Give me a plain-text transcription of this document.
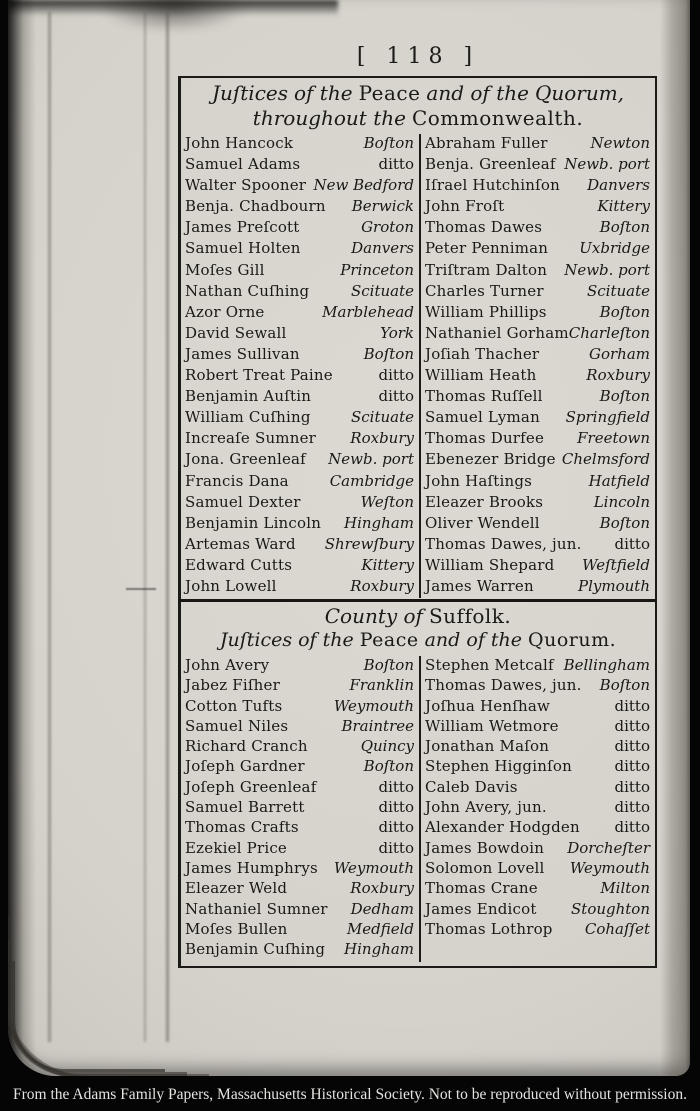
[ 118 ]
Juſtices of the Peace and of the Quorum,
throughout the Commonwealth.
John Hancock	Boſton
Samuel Adams	ditto
Walter Spooner New Bedford
Benja. Chadbourn Berwick
James Preſcott	Groton
Samuel Holten	Danvers
Moſes Gill	Princeton
Nathan Cuſhing	Scituate
Azor Orne	Marblehead
David Sewall	York
James Sullivan	Boſton
Robert Treat Paine	ditto
Benjamin Auſtin	ditto
William Cuſhing	Scituate
Increaſe Sumner Roxbury
Jona. Greenleaf Newb. port
Francis Dana	Cambridge
Samuel Dexter	Weſton
Benjamin Lincoln Hingham
Artemas Ward Shrewſbury
Edward Cutts	Kittery
John Lowell	Roxbury
Abraham Fuller	Newton
Benja. Greenleaf Newb. port
Iſrael Hutchinſon Danvers
John Froſt	Kittery
Thomas Dawes	Boſton
Peter Penniman Uxbridge
Triſtram Dalton Newb. port
Charles Turner	Scituate
William Phillips	Boſton
Nathaniel Gorham Charleſton
Joſiah Thacher	Gorham
William Heath	Roxbury
Thomas Ruſſell	Boſton
Samuel Lyman Springfield
Thomas Durfee Freetown
Ebenezer Bridge Chelmsford
John Haſtings	Hatfield
Eleazer Brooks	Lincoln
Oliver Wendell	Boſton
Thomas Dawes, jun. ditto
William Shepard Weſtfield
James Warren	Plymouth
County of Suffolk.
Juſtices of the Peace and of the Quorum.
John Avery	Boſton
Jabez Fiſher	Franklin
Cotton Tufts	Weymouth
Samuel Niles	Braintree
Richard Cranch	Quincy
Joſeph Gardner	Boſton
Joſeph Greenleaf	ditto
Samuel Barrett	ditto
Thomas Crafts	ditto
Ezekiel Price	ditto
James Humphrys Weymouth
Eleazer Weld	Roxbury
Nathaniel Sumner Dedham
Moſes Bullen	Medfield
Benjamin Cuſhing Hingham
Stephen Metcalf Bellingham
Thomas Dawes, jun. Boſton
Joſhua Henſhaw	ditto
William Wetmore	ditto
Jonathan Maſon	ditto
Stephen Higginſon	ditto
Caleb Davis	ditto
John Avery, jun.	ditto
Alexander Hodgden ditto
James Bowdoin Dorcheſter
Solomon Lovell Weymouth
Thomas Crane	Milton
James Endicot Stoughton
Thomas Lothrop Cohaſſet
From the Adams Family Papers, Massachusetts Historical Society. Not to be reproduced without permission.
